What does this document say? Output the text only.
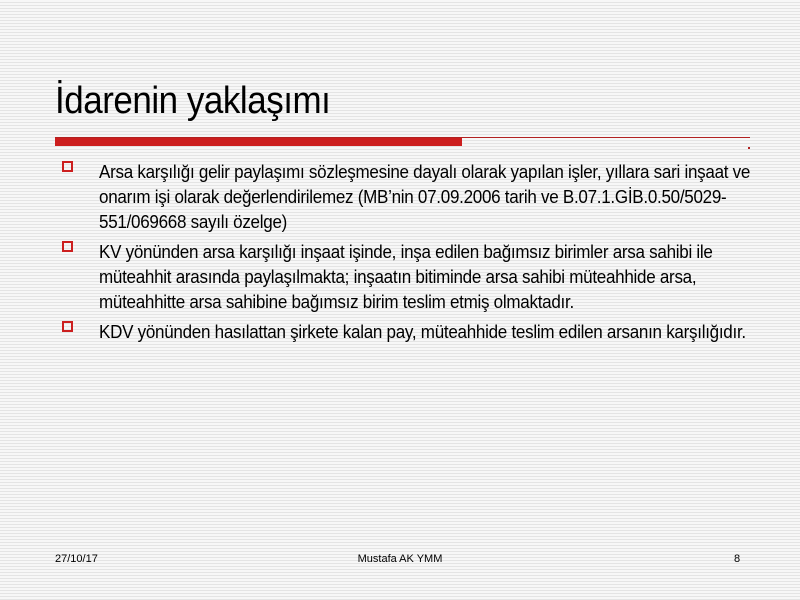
İdarenin yaklaşımı
Arsa karşılığı gelir paylaşımı sözleşmesine dayalı olarak yapılan işler, yıllara sari inşaat ve onarım işi olarak değerlendirilemez (MB’nin 07.09.2006 tarih ve B.07.1.GİB.0.50/5029-551/069668 sayılı özelge)
KV yönünden arsa karşılığı inşaat işinde, inşa edilen bağımsız birimler arsa sahibi ile müteahhit arasında paylaşılmakta; inşaatın bitiminde arsa sahibi müteahhide arsa, müteahhitte arsa sahibine bağımsız birim teslim etmiş olmaktadır.
KDV yönünden hasılattan şirkete kalan pay, müteahhide teslim edilen arsanın karşılığıdır.
27/10/17	Mustafa AK YMM	8
